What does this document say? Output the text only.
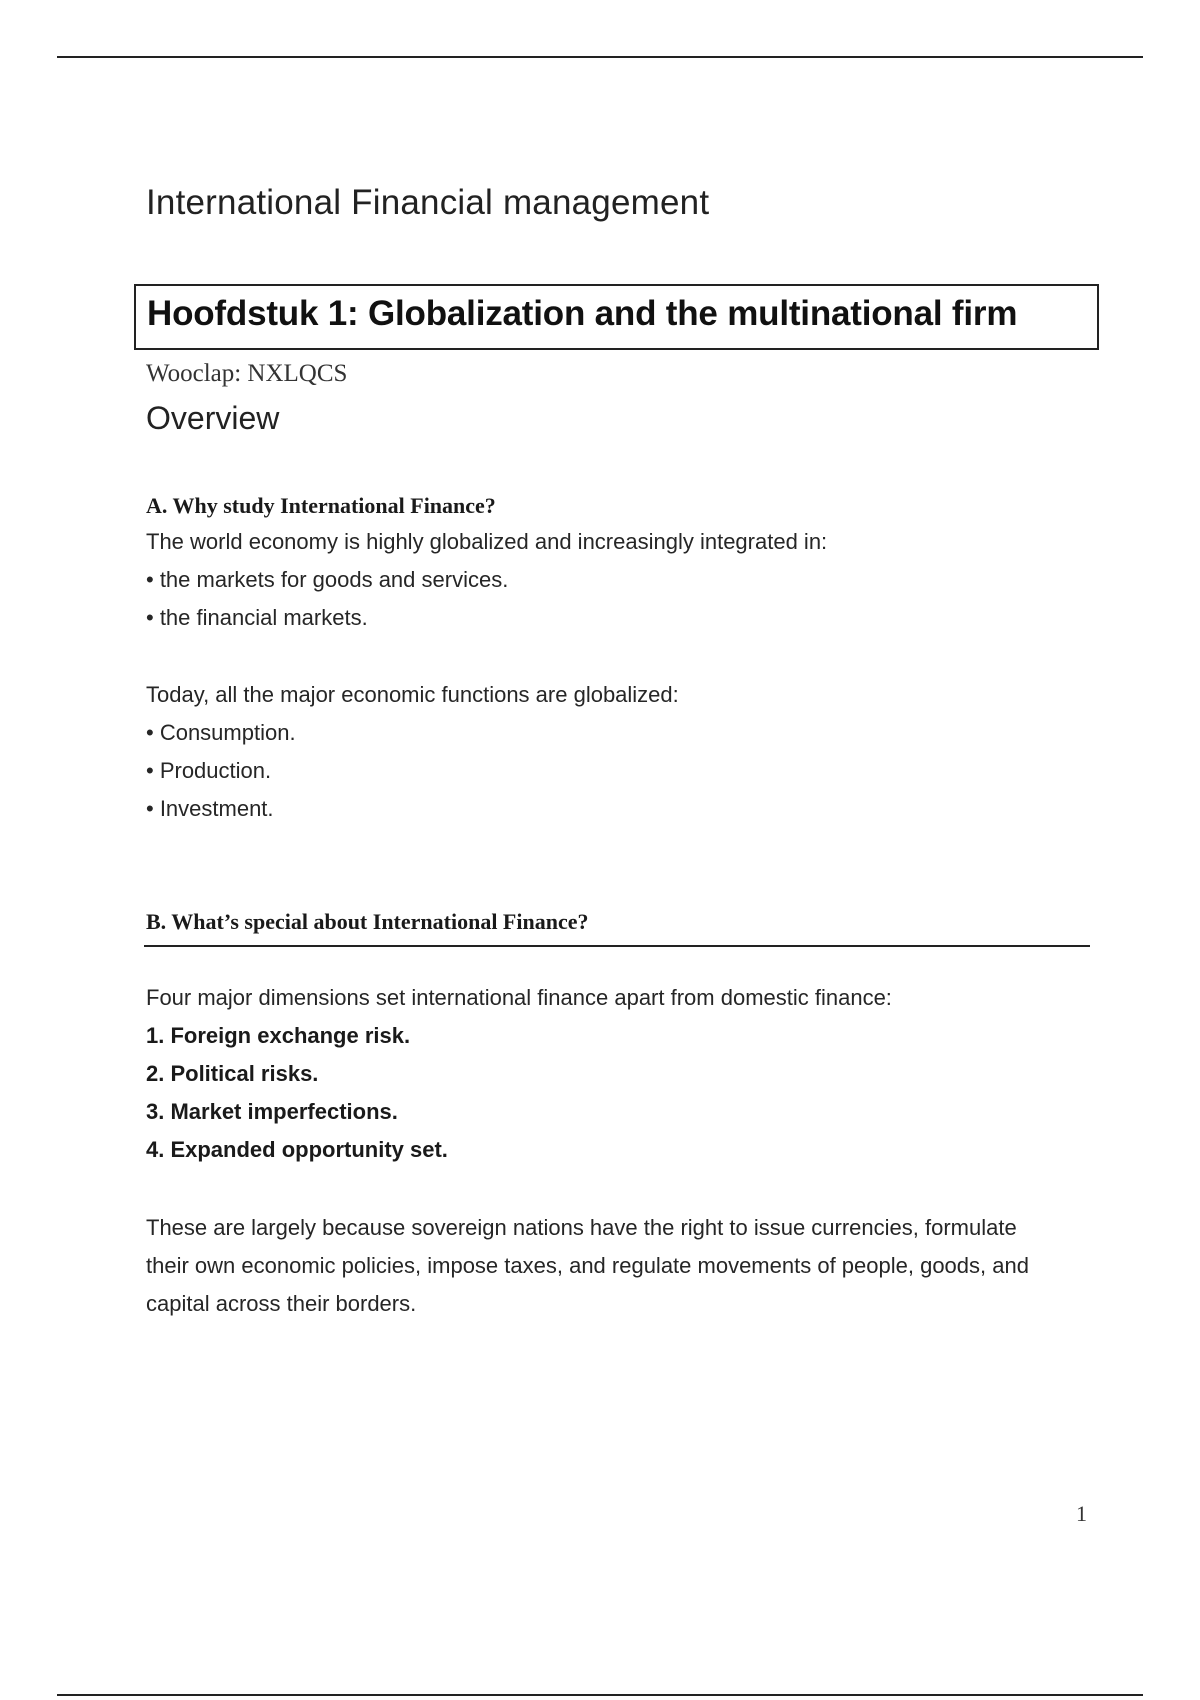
International Financial management
Hoofdstuk 1: Globalization and the multinational firm
Wooclap: NXLQCS
Overview
A. Why study International Finance?
The world economy is highly globalized and increasingly integrated in:
• the markets for goods and services.
• the financial markets.
Today, all the major economic functions are globalized:
• Consumption.
• Production.
• Investment.
B. What’s special about International Finance?
Four major dimensions set international finance apart from domestic finance:
1. Foreign exchange risk.
2. Political risks.
3. Market imperfections.
4. Expanded opportunity set.
These are largely because sovereign nations have the right to issue currencies, formulate
their own economic policies, impose taxes, and regulate movements of people, goods, and
capital across their borders.
1
